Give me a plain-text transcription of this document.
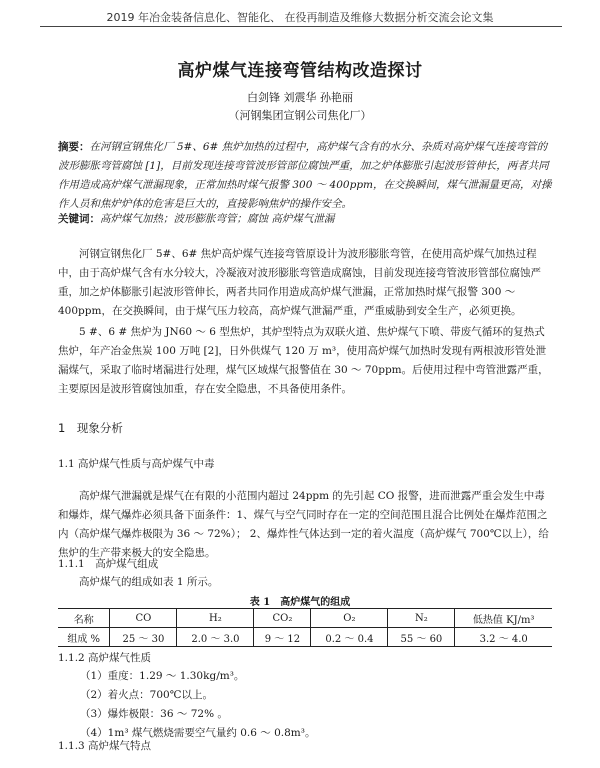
2019 年冶金装备信息化、智能化、 在役再制造及维修大数据分析交流会论文集
高炉煤气连接弯管结构改造探讨
白剑锋 刘震华 孙艳丽
（河钢集团宣钢公司焦化厂）
摘要：在河钢宣钢焦化厂 5#、6# 焦炉加热的过程中，高炉煤气含有的水分、杂质对高炉煤气连接弯管的波形膨胀弯管腐蚀 [1]，目前发现连接弯管波形管部位腐蚀严重，加之炉体膨胀引起波形管伸长，两者共同作用造成高炉煤气泄漏现象，正常加热时煤气报警 300 ～ 400ppm，在交换瞬间，煤气泄漏量更高，对操作人员和焦炉炉体的危害是巨大的，直接影响焦炉的操作安全。
关键词：高炉煤气加热；波形膨胀弯管；腐蚀 高炉煤气泄漏
河钢宣钢焦化厂 5#、6# 焦炉高炉煤气连接弯管原设计为波形膨胀弯管，在使用高炉煤气加热过程中，由于高炉煤气含有水分较大，冷凝液对波形膨胀弯管造成腐蚀，目前发现连接弯管波形管部位腐蚀严重，加之炉体膨胀引起波形管伸长，两者共同作用造成高炉煤气泄漏，正常加热时煤气报警 300 ～ 400ppm，在交换瞬间，由于煤气压力较高，高炉煤气泄漏严重，严重威胁到安全生产，必须更换。
5 #、6 # 焦炉为 JN60 ～ 6 型焦炉，其炉型特点为双联火道、焦炉煤气下喷、带废气循环的复热式焦炉，年产冶金焦炭 100 万吨 [2]，日外供煤气 120 万 m³，使用高炉煤气加热时发现有两根波形管处泄漏煤气，采取了临时堵漏进行处理，煤气区域煤气报警值在 30 ～ 70ppm。后使用过程中弯管泄露严重，主要原因是波形管腐蚀加重，存在安全隐患，不具备使用条件。
1　现象分析
1.1 高炉煤气性质与高炉煤气中毒
高炉煤气泄漏就是煤气在有限的小范围内超过 24ppm 的先引起 CO 报警，进而泄露严重会发生中毒和爆炸，煤气爆炸必须具备下面条件：1、煤气与空气同时存在一定的空间范围且混合比例处在爆炸范围之内（高炉煤气爆炸极限为 36 ～ 72%）； 2、爆炸性气体达到一定的着火温度（高炉煤气 700℃以上），给焦炉的生产带来极大的安全隐患。
1.1.1　高炉煤气组成
高炉煤气的组成如表 1 所示。
表 1　高炉煤气的组成
名称	CO	H₂	CO₂	O₂	N₂	低热值 KJ/m³
组成 %	25 ～ 30	2.0 ～ 3.0	9 ～ 12	0.2 ～ 0.4	55 ～ 60	3.2 ～ 4.0
1.1.2 高炉煤气性质
（1）重度：1.29 ～ 1.30kg/m³。
（2）着火点：700℃以上。
（3）爆炸极限：36 ～ 72% 。
（4）1m³ 煤气燃烧需要空气量约 0.6 ～ 0.8m³。
1.1.3 高炉煤气特点
